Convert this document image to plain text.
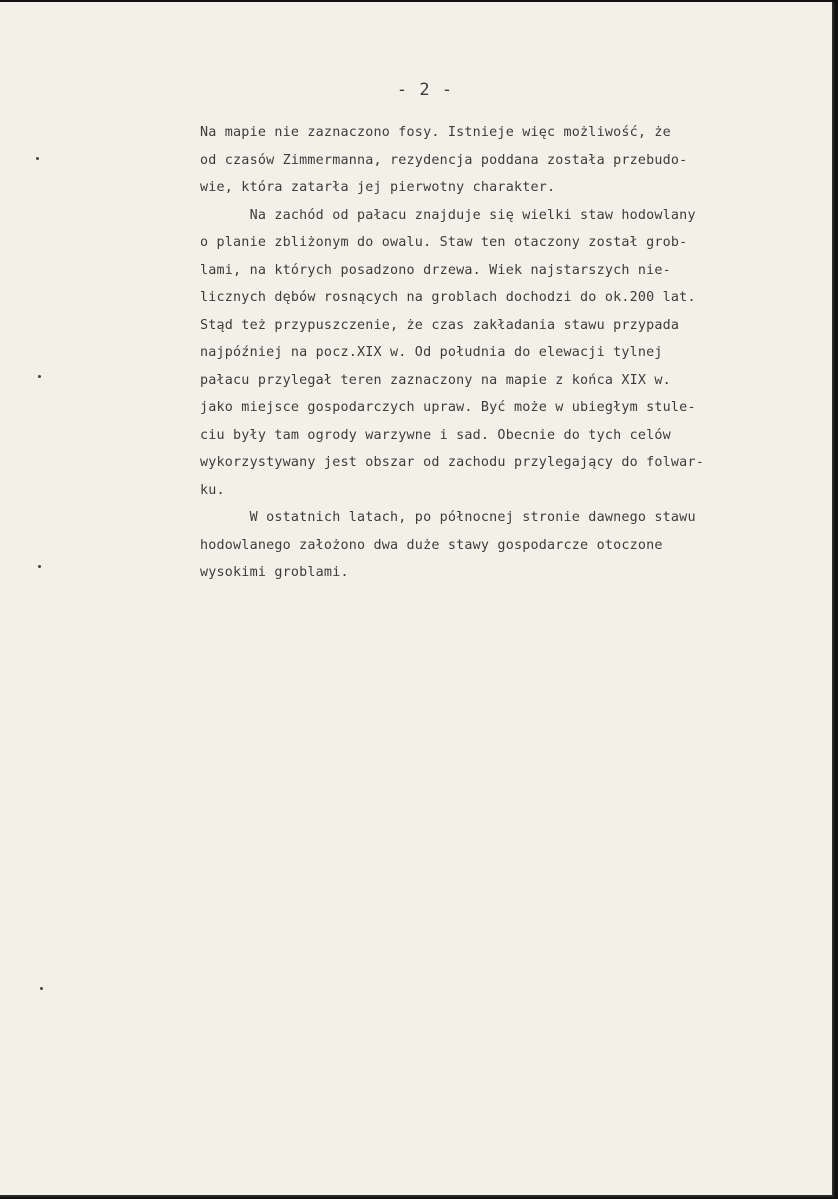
- 2 -
Na mapie nie zaznaczono fosy. Istnieje więc możliwość, że
od czasów Zimmermanna, rezydencja poddana została przebudo-
wie, która zatarła jej pierwotny charakter.
Na zachód od pałacu znajduje się wielki staw hodowlany
o planie zbliżonym do owalu. Staw ten otaczony został grob-
lami, na których posadzono drzewa. Wiek najstarszych nie-
licznych dębów rosnących na groblach dochodzi do ok.200 lat.
Stąd też przypuszczenie, że czas zakładania stawu przypada
najpóźniej na pocz.XIX w. Od południa do elewacji tylnej
pałacu przylegał teren zaznaczony na mapie z końca XIX w.
jako miejsce gospodarczych upraw. Być może w ubiegłym stule-
ciu były tam ogrody warzywne i sad. Obecnie do tych celów
wykorzystywany jest obszar od zachodu przylegający do folwar-
ku.
W ostatnich latach, po północnej stronie dawnego stawu
hodowlanego założono dwa duże stawy gospodarcze otoczone
wysokimi groblami.
